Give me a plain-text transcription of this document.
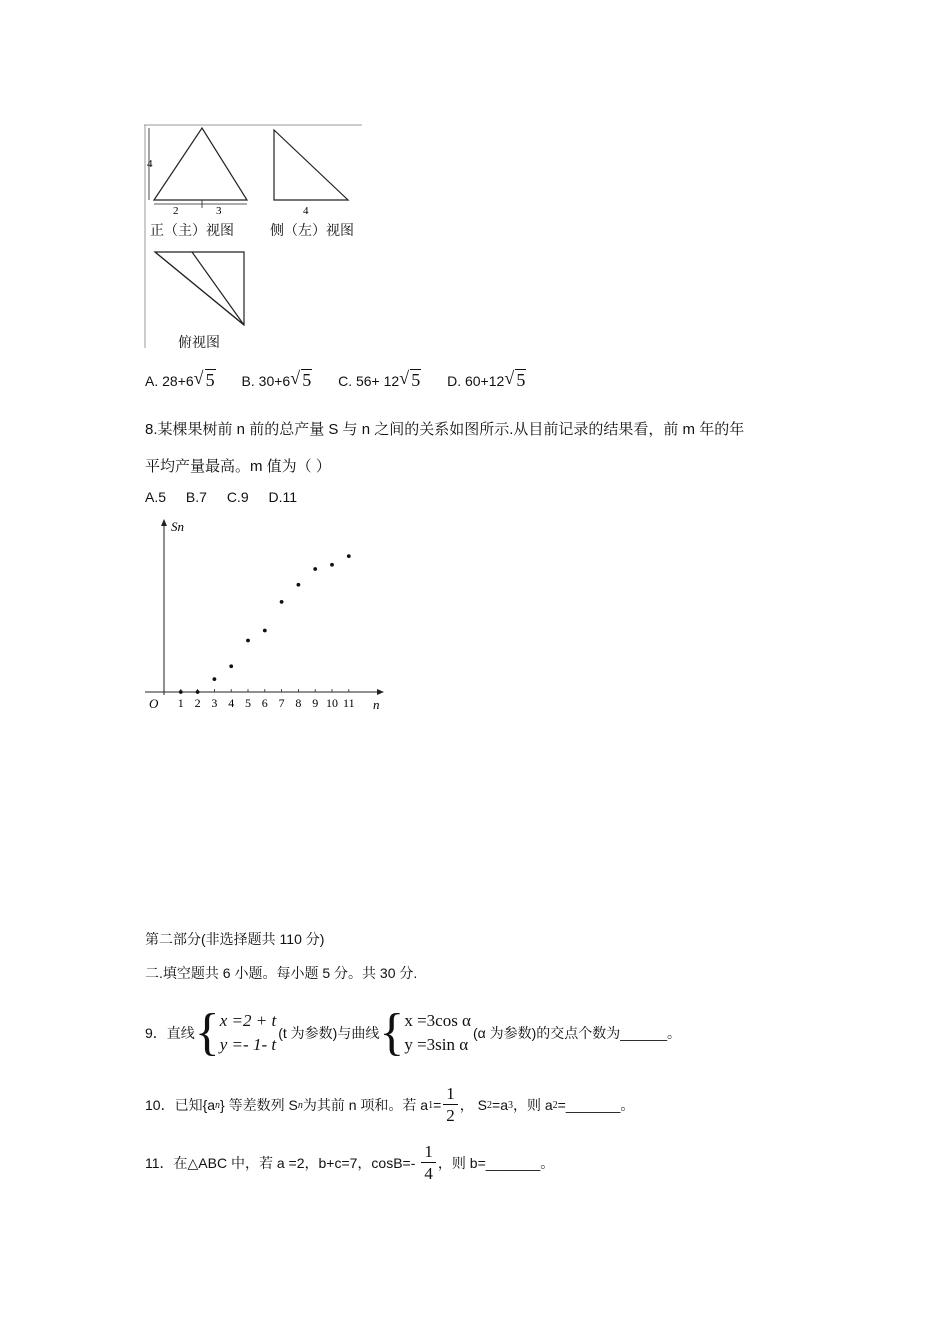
4
2	3	4
正（主）视图	侧（左）视图
俯视图
A. 28+6 √ 5 B. 30+6 √ 5 C. 56+ 12 √ 5 D. 60+12 √ 5
8.某棵果树前 n 前的总产量 S 与 n 之间的关系如图所示.从目前记录的结果看，前 m 年的年
平均产量最高。m 值为（ ）
A.5 B.7 C.9 D.11
Sn
n
O 1 2 3 4 5 6 7 8 9 10 11
第二部分(非选择题共 110 分)
二.填空题共 6 小题。每小题 5 分。共 30 分.
9．直线 { x =2 + t
y =- 1- t
(t 为参数)与曲线 { x =3cos α
y =3sin α
(α 为参数)的交点个数为______。
10．已知{a n } 等差数列 S n 为其前 n 项和。若 a $1 = \frac{1}{2}$ ， S 2 =a 3 ，则 a 2 =_______。
11．在△ABC 中，若 a =2，b+c=7，$\cos B=- \frac{1}{4}$ ，则 b=_______。
